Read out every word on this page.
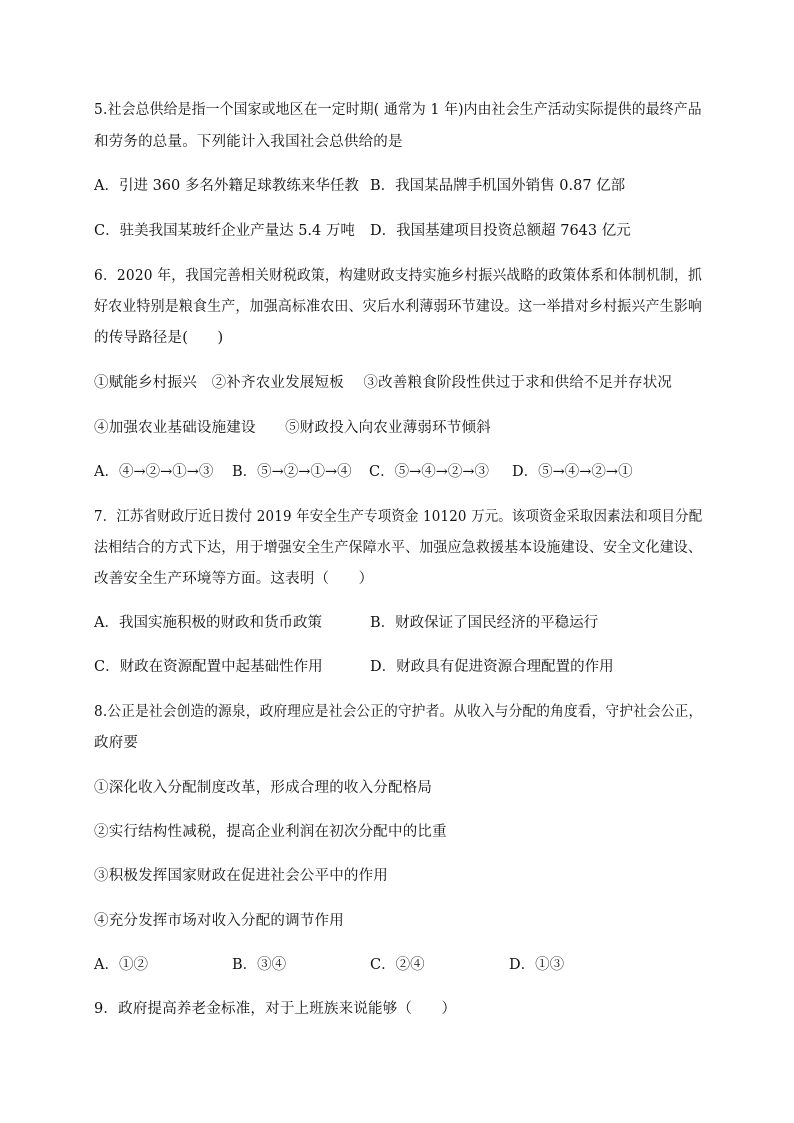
5.社会总供给是指一个国家或地区在一定时期( 通常为 1 年)内由社会生产活动实际提供的最终产品
和劳务的总量。下列能计入我国社会总供给的是
A．引进 360 多名外籍足球教练来华任教 B．我国某品牌手机国外销售 0.87 亿部
C．驻美我国某玻纤企业产量达 5.4 万吨 D．我国基建项目投资总额超 7643 亿元
6．2020 年，我国完善相关财税政策，构建财政支持实施乡村振兴战略的政策体系和体制机制，抓
好农业特别是粮食生产，加强高标准农田、灾后水利薄弱环节建设。这一举措对乡村振兴产生影响
的传导路径是(　　)
①赋能乡村振兴　②补齐农业发展短板　 ③改善粮食阶段性供过于求和供给不足并存状况
④加强农业基础设施建设　　⑤财政投入向农业薄弱环节倾斜
A．④→②→①→③ B．⑤→②→①→④ C．⑤→④→②→③ D．⑤→④→②→①
7．江苏省财政厅近日拨付 2019 年安全生产专项资金 10120 万元。该项资金采取因素法和项目分配
法相结合的方式下达，用于增强安全生产保障水平、加强应急救援基本设施建设、安全文化建设、
改善安全生产环境等方面。这表明（　　）
A．我国实施积极的财政和货币政策	B．财政保证了国民经济的平稳运行
C．财政在资源配置中起基础性作用	D．财政具有促进资源合理配置的作用
8.公正是社会创造的源泉，政府理应是社会公正的守护者。从收入与分配的角度看，守护社会公正，
政府要
①深化收入分配制度改革，形成合理的收入分配格局
②实行结构性减税，提高企业利润在初次分配中的比重
③积极发挥国家财政在促进社会公平中的作用
④充分发挥市场对收入分配的调节作用
A．①②	B．③④	C．②④	D．①③
9．政府提高养老金标准，对于上班族来说能够（　　）
